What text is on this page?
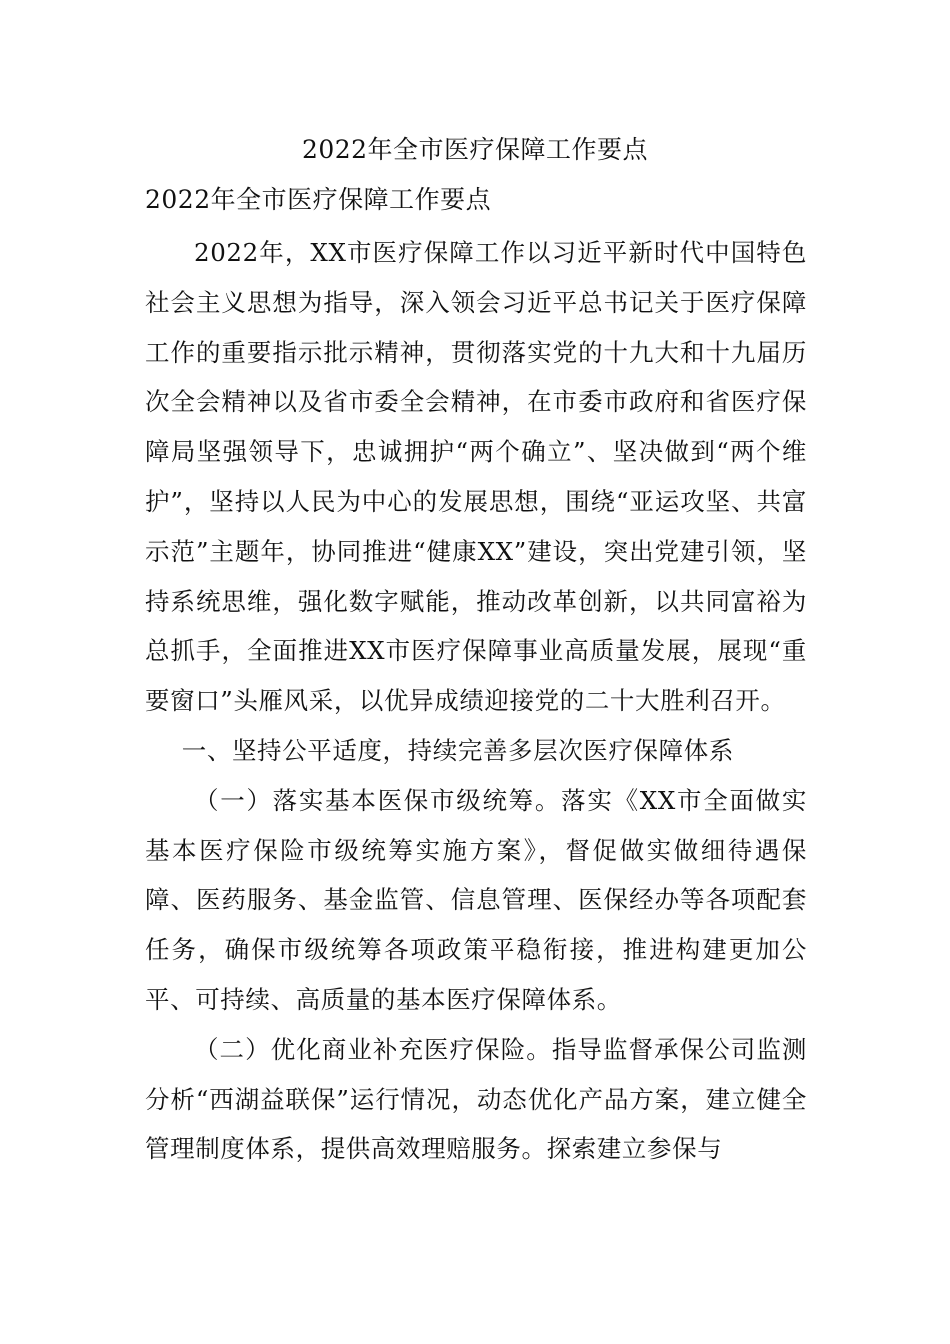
2022年全市医疗保障工作要点
2022年全市医疗保障工作要点

2022年，XX市医疗保障工作以习近平新时代中国特色社会主义思想为指导，深入领会习近平总书记关于医疗保障工作的重要指示批示精神，贯彻落实党的十九大和十九届历次全会精神以及省市委全会精神，在市委市政府和省医疗保障局坚强领导下，忠诚拥护“两个确立”、坚决做到“两个维护”，坚持以人民为中心的发展思想，围绕“亚运攻坚、共富示范”主题年，协同推进“健康XX”建设，突出党建引领，坚持系统思维，强化数字赋能，推动改革创新，以共同富裕为总抓手，全面推进XX市医疗保障事业高质量发展，展现“重要窗口”头雁风采，以优异成绩迎接党的二十大胜利召开。

一、坚持公平适度，持续完善多层次医疗保障体系

（一）落实基本医保市级统筹。落实《XX市全面做实基本医疗保险市级统筹实施方案》，督促做实做细待遇保障、医药服务、基金监管、信息管理、医保经办等各项配套任务，确保市级统筹各项政策平稳衔接，推进构建更加公平、可持续、高质量的基本医疗保障体系。

（二）优化商业补充医疗保险。指导监督承保公司监测分析“西湖益联保”运行情况，动态优化产品方案，建立健全管理制度体系，提供高效理赔服务。探索建立参保与
